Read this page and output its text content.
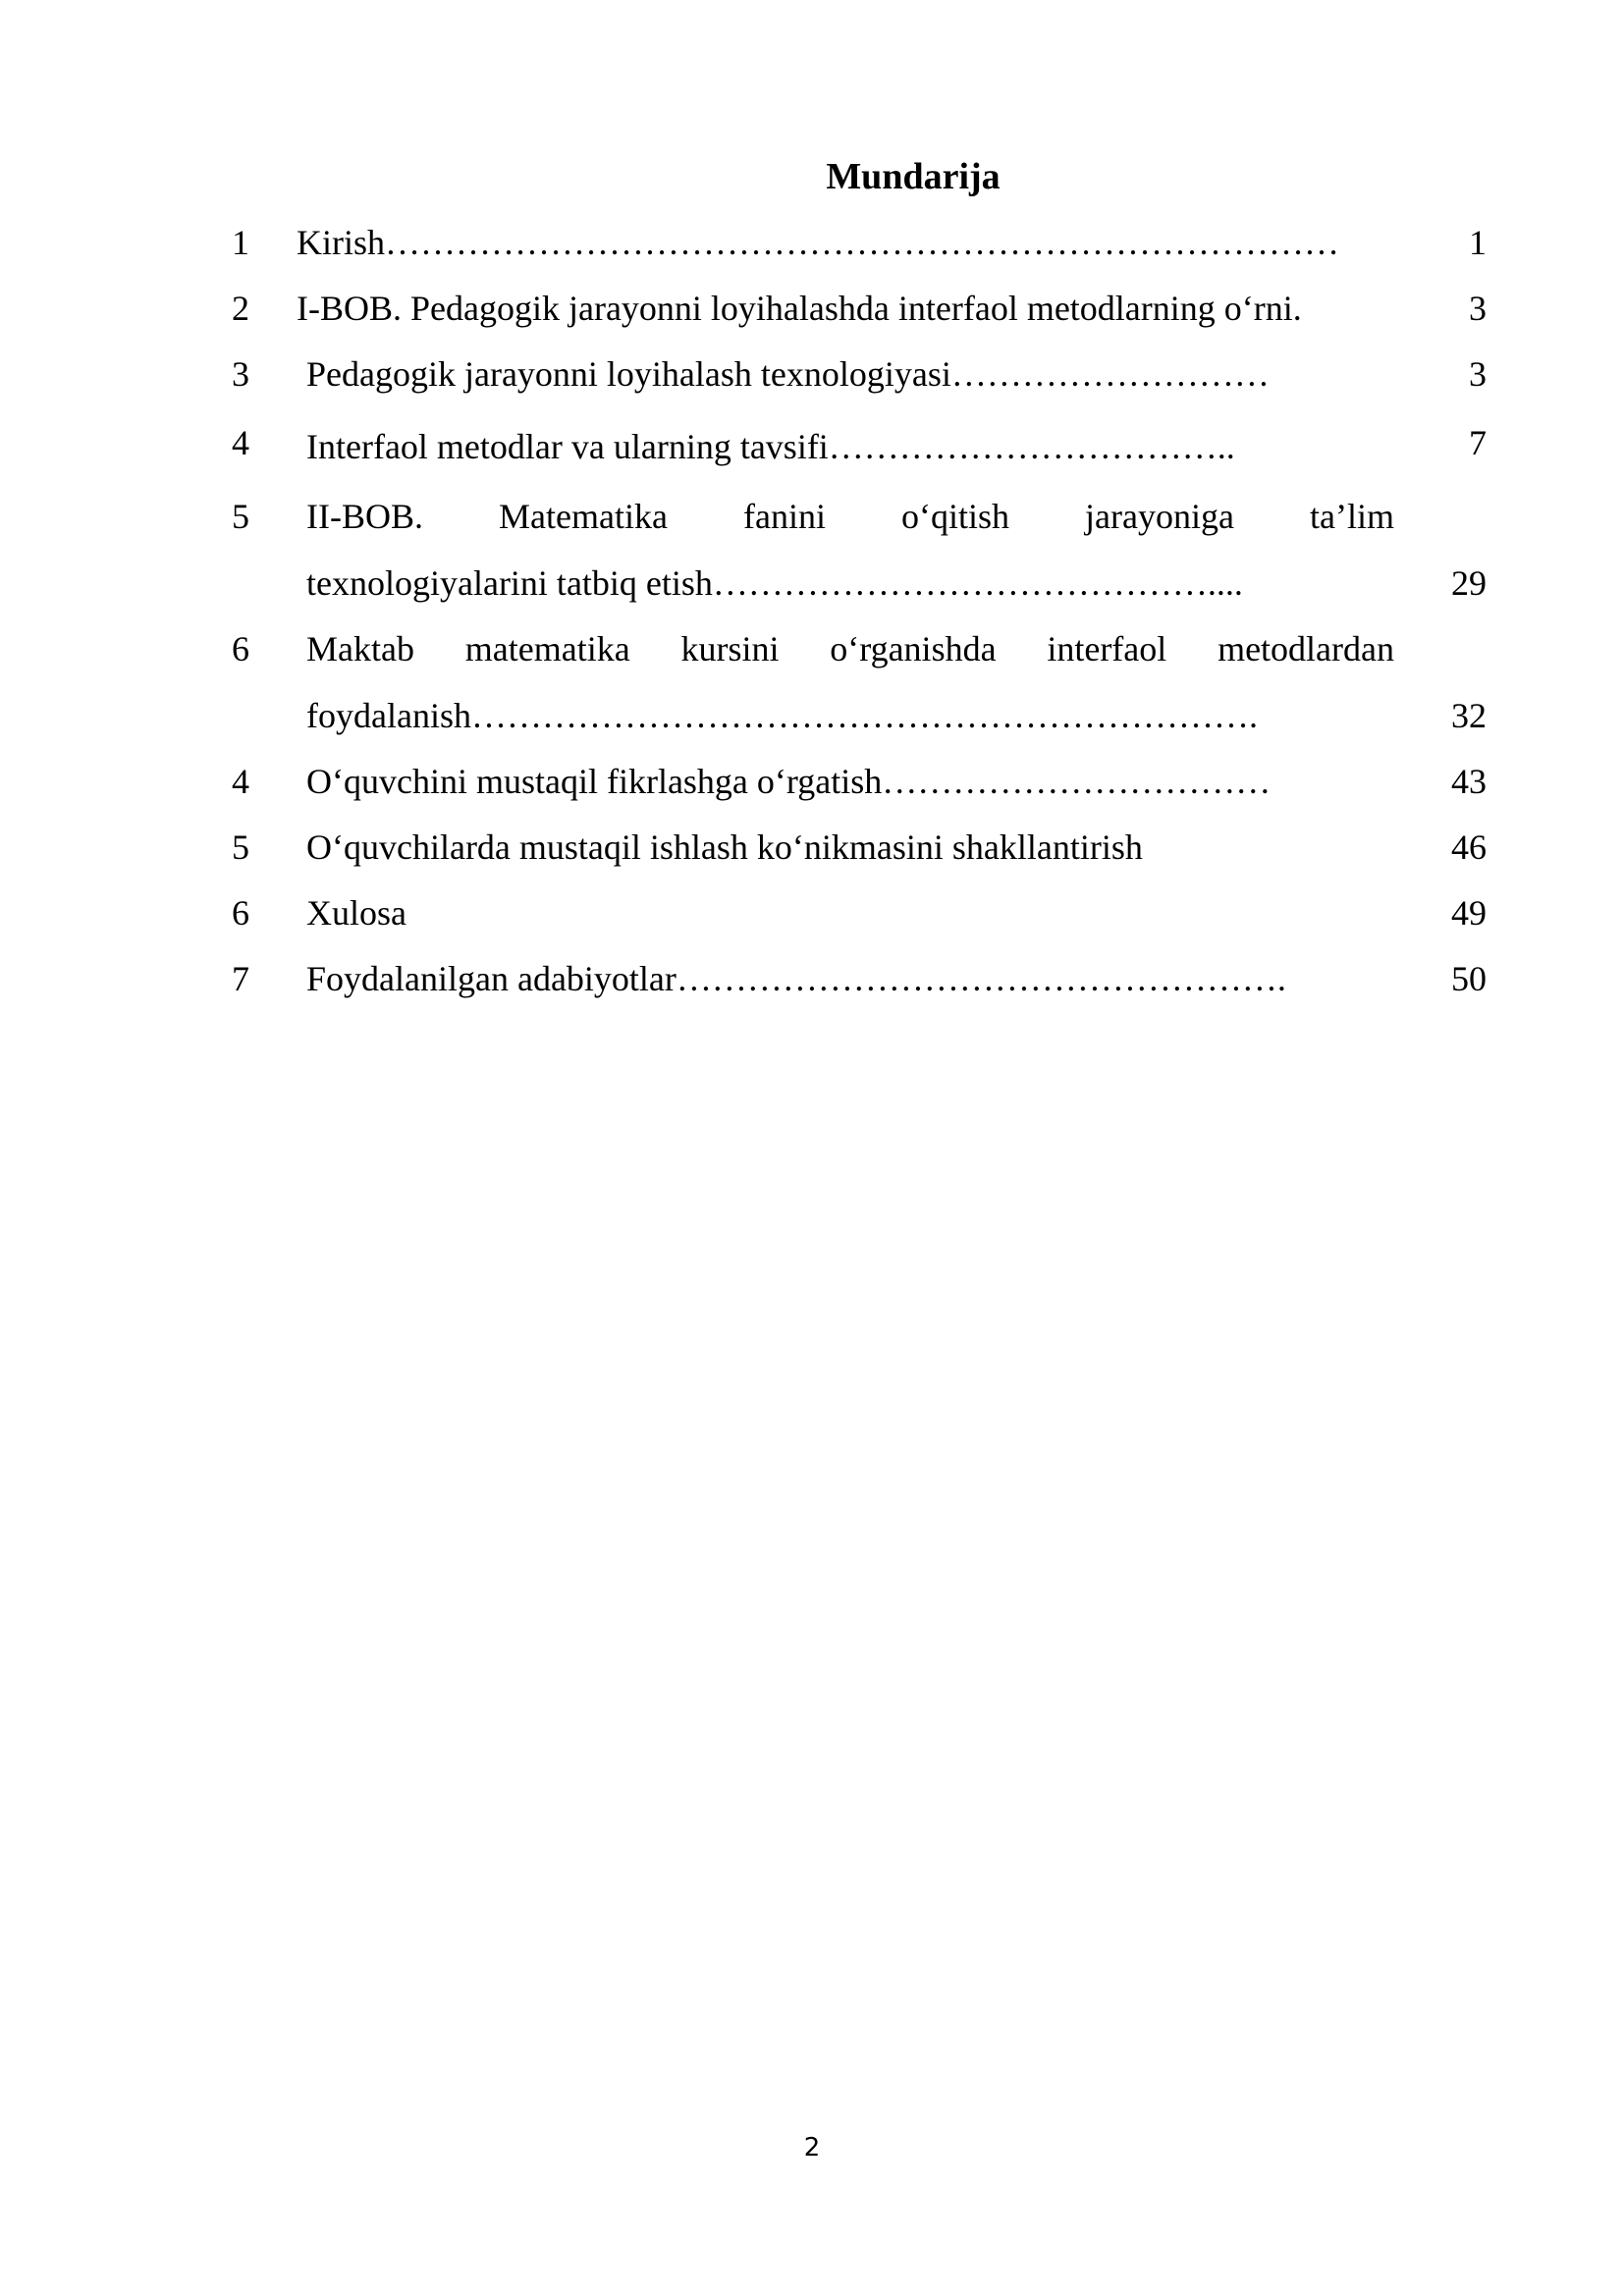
Mundarija
1	Kirish………………………………………………………………………	1
2	I-BOB. Pedagogik jarayonni loyihalashda interfaol metodlarning o‘rni.	3
3	Pedagogik jarayonni loyihalash texnologiyasi………………………	3
4	Interfaol metodlar va ularning tavsifi……………………………..	7
5	II-BOB. Matematika fanini o‘qitish jarayoniga ta’lim
texnologiyalarini tatbiq etish……………………………………....	29
6	Maktab matematika kursini o‘rganishda interfaol metodlardan
foydalanish………………………………………………………….	32
4	O‘quvchini mustaqil fikrlashga o‘rgatish……………………………	43
5	O‘quvchilarda mustaqil ishlash ko‘nikmasini shakllantirish	46
6	Xulosa	49
7	Foydalanilgan adabiyotlar…………………………………………….	50
2
